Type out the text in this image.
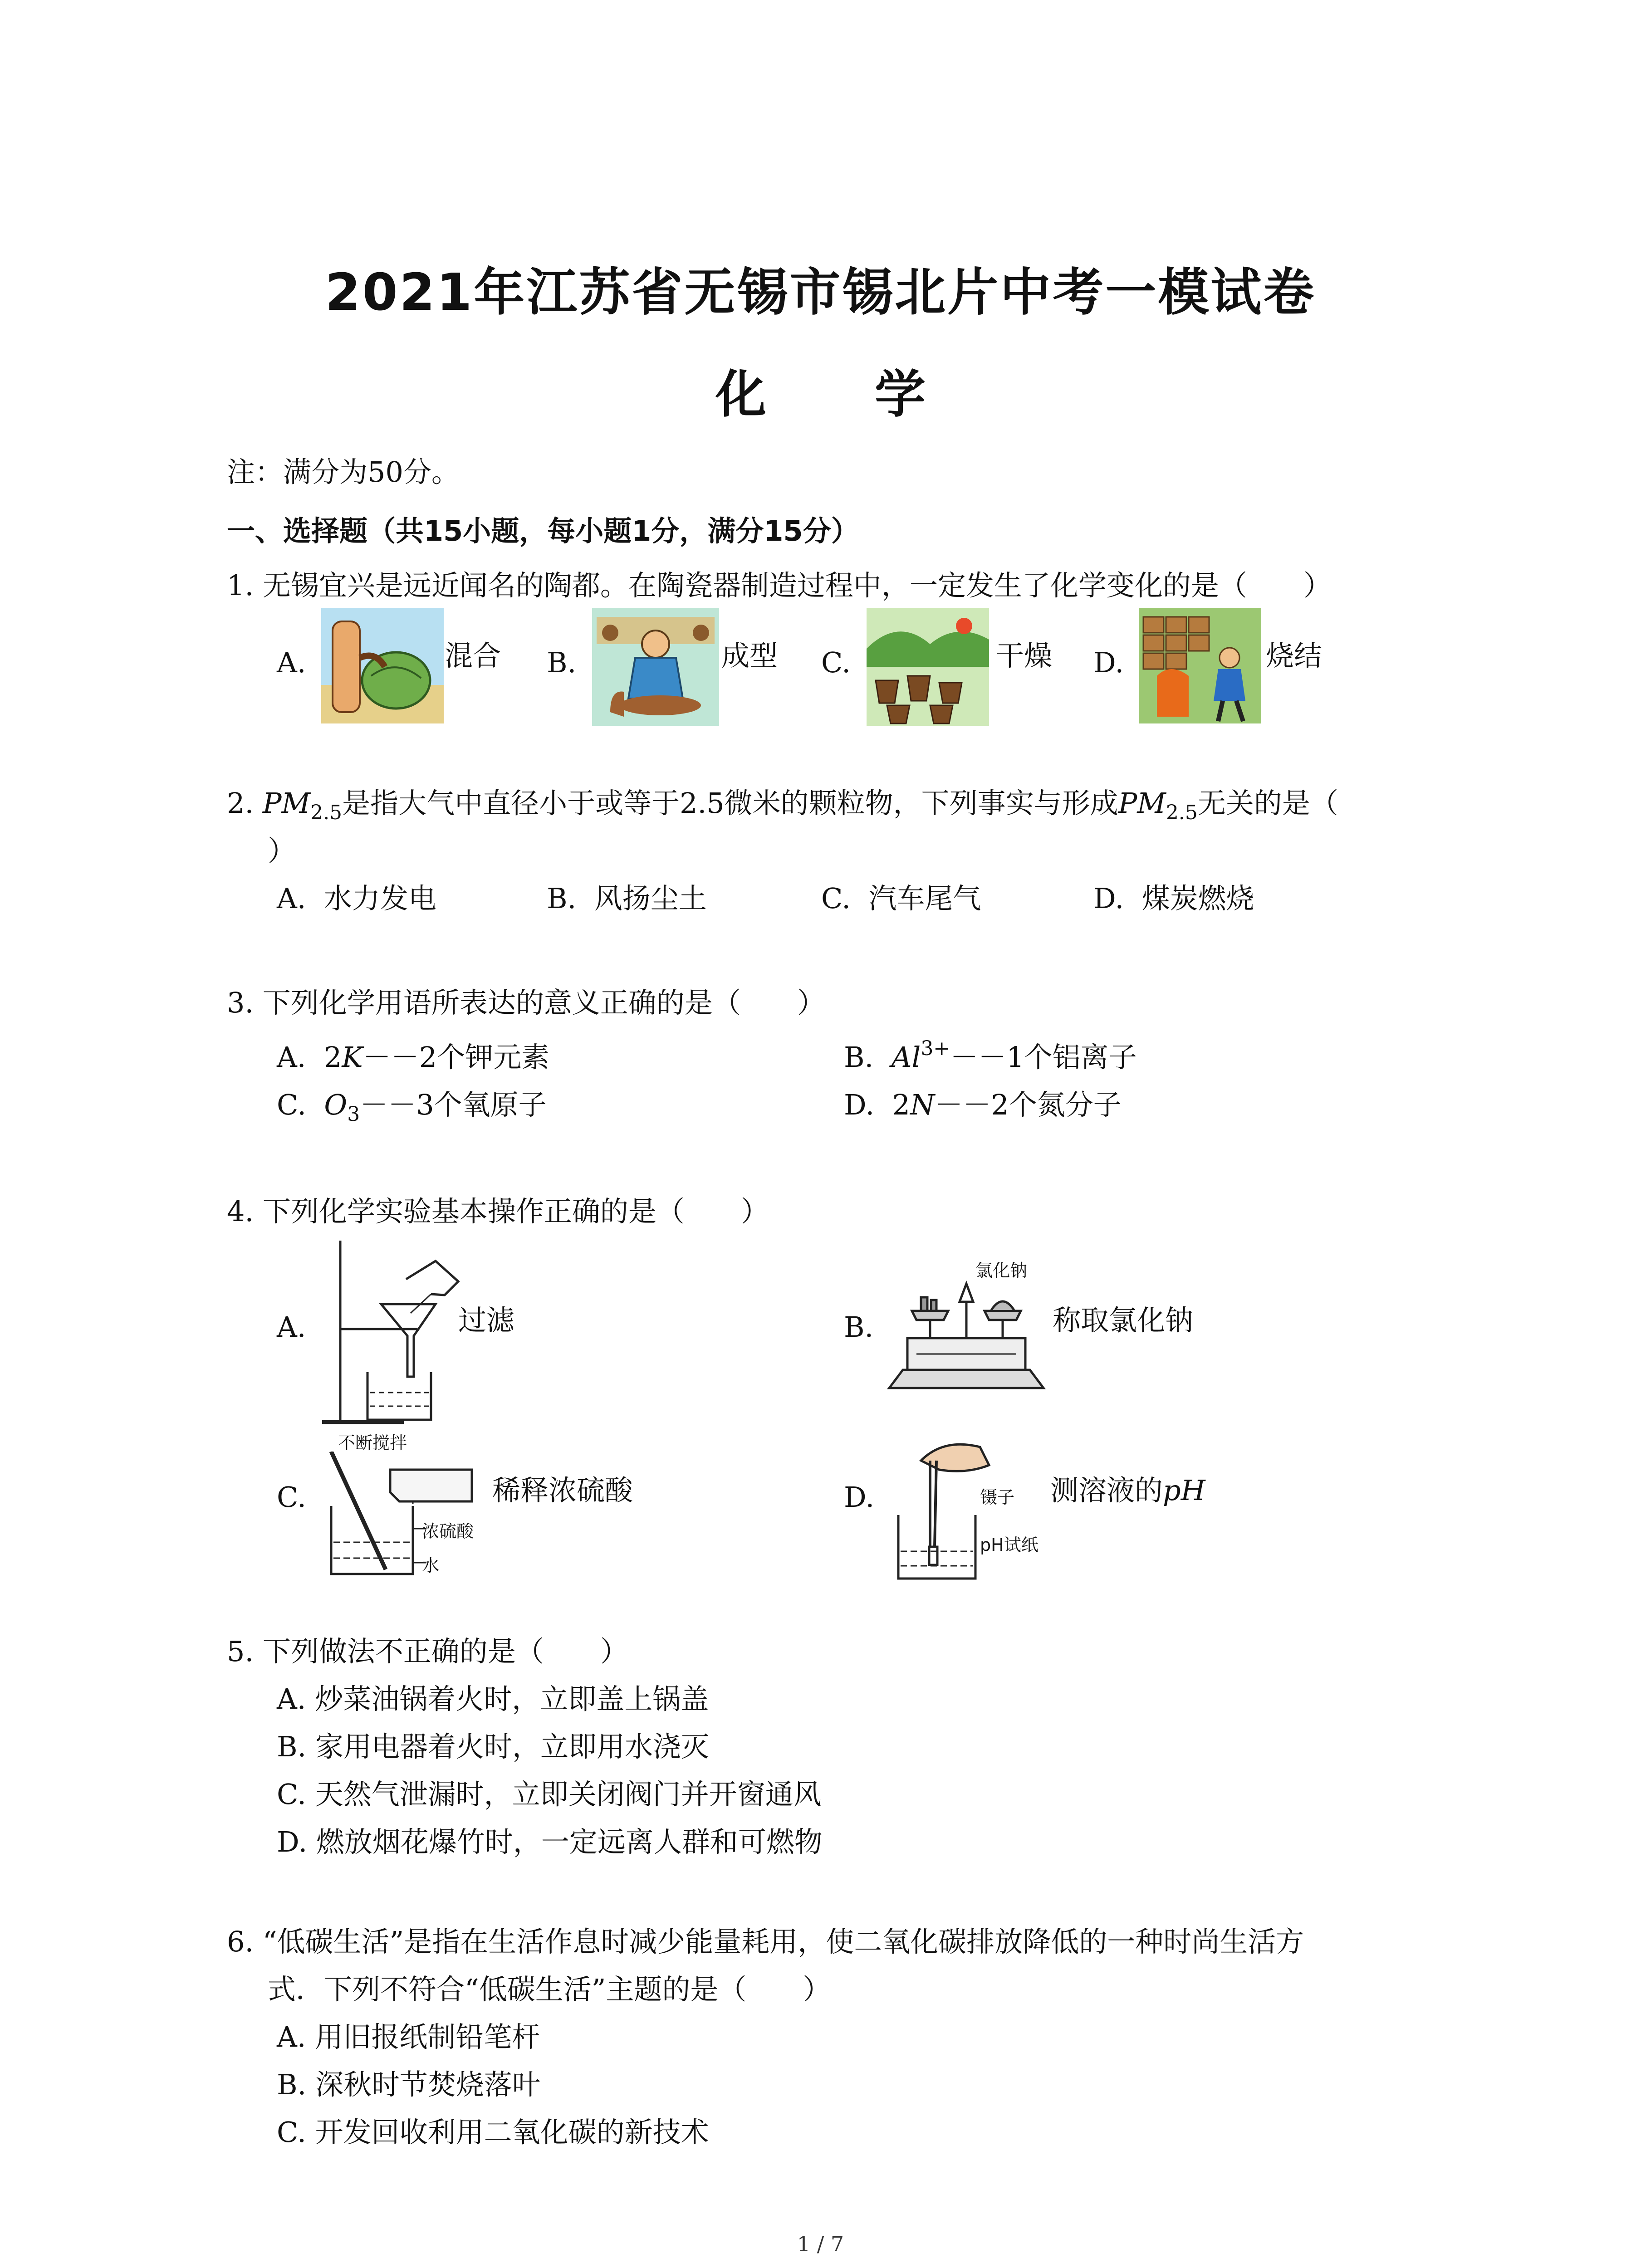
2021年江苏省无锡市锡北片中考一模试卷
化 学
注：满分为50分。
一、选择题（共15小题，每小题1分，满分15分）
1. 无锡宜兴是远近闻名的陶都。在陶瓷器制造过程中，一定发生了化学变化的是（　　）
A.	混合 B.	成型 C.	干燥 D.	烧结
2. $PM_{2.5}$是指大气中直径小于或等于2.5微米的颗粒物，下列事实与形成$PM_{2.5}$无关的是（
）
A. 水力发电	B. 风扬尘土	C. 汽车尾气	D. 煤炭燃烧
3. 下列化学用语所表达的意义正确的是（　　）
A. 2K－－2个钾元素	B. $Al^{3+}--1$个铝离子
C. $O_3--3$个氧原子	D. 2N－－2个氮分子
4. 下列化学实验基本操作正确的是（　　）
A.	过滤	B.
氯化钠
称取氯化钠
C.
不断搅拌
浓硫酸
水
稀释浓硫酸	D.	镊子
pH试纸
测溶液的pH
5. 下列做法不正确的是（　　）
A. 炒菜油锅着火时，立即盖上锅盖
B. 家用电器着火时，立即用水浇灭
C. 天然气泄漏时，立即关闭阀门并开窗通风
D. 燃放烟花爆竹时，一定远离人群和可燃物
6. “低碳生活”是指在生活作息时减少能量耗用，使二氧化碳排放降低的一种时尚生活方
式．下列不符合“低碳生活”主题的是（　　）
A. 用旧报纸制铅笔杆
B. 深秋时节焚烧落叶
C. 开发回收利用二氧化碳的新技术
1 / 7
